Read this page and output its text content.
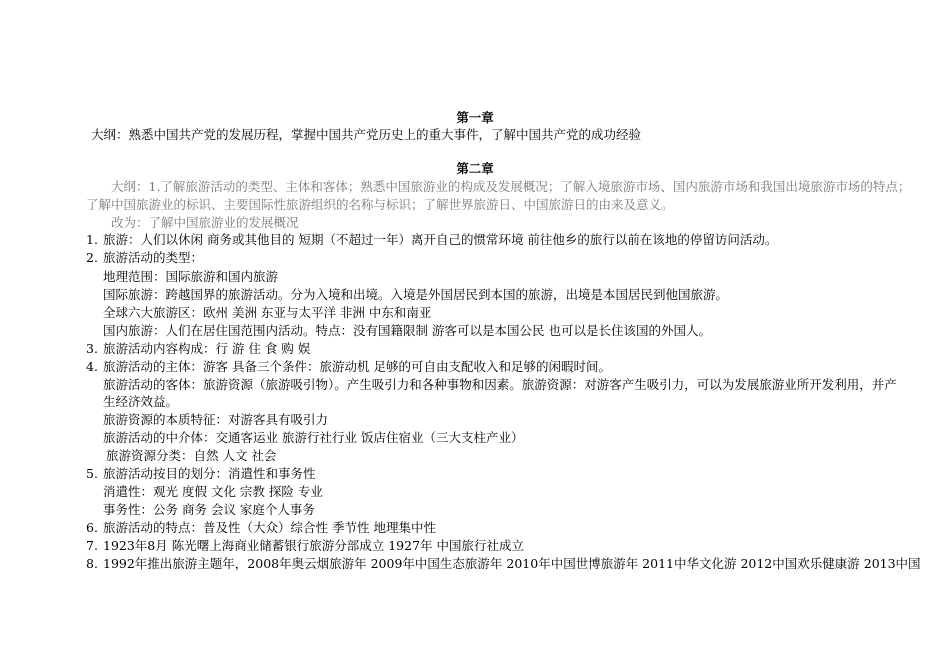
第一章
大纲：熟悉中国共产党的发展历程，掌握中国共产党历史上的重大事件，了解中国共产党的成功经验
第二章
大纲：1.了解旅游活动的类型、主体和客体；熟悉中国旅游业的构成及发展概况；了解入境旅游市场、国内旅游市场和我国出境旅游市场的特点；
了解中国旅游业的标识、主要国际性旅游组织的名称与标识；了解世界旅游日、中国旅游日的由来及意义。
改为：了解中国旅游业的发展概况
1. 旅游：人们以休闲 商务或其他目的 短期（不超过一年）离开自己的惯常环境 前往他乡的旅行以前在该地的停留访问活动。
2. 旅游活动的类型：
地理范围：国际旅游和国内旅游
国际旅游：跨越国界的旅游活动。分为入境和出境。入境是外国居民到本国的旅游，出境是本国居民到他国旅游。
全球六大旅游区：欧州 美洲 东亚与太平洋 非洲 中东和南亚
国内旅游：人们在居住国范围内活动。特点：没有国籍限制 游客可以是本国公民 也可以是长住该国的外国人。
3. 旅游活动内容构成：行 游 住 食 购 娱
4. 旅游活动的主体：游客 具备三个条件：旅游动机 足够的可自由支配收入和足够的闲暇时间。
旅游活动的客体：旅游资源（旅游吸引物）。产生吸引力和各种事物和因素。旅游资源：对游客产生吸引力，可以为发展旅游业所开发利用，并产
生经济效益。
旅游资源的本质特征：对游客具有吸引力
旅游活动的中介体：交通客运业 旅游行社行业 饭店住宿业（三大支柱产业）
旅游资源分类：自然 人文 社会
5. 旅游活动按目的划分：消遣性和事务性
消遣性：观光 度假 文化 宗教 探险 专业
事务性：公务 商务 会议 家庭个人事务
6. 旅游活动的特点：普及性（大众）综合性 季节性 地理集中性
7. 1923年8月 陈光曙上海商业储蓄银行旅游分部成立 1927年 中国旅行社成立
8. 1992年推出旅游主题年，2008年奥云烟旅游年 2009年中国生态旅游年 2010年中国世博旅游年 2011中华文化游 2012中国欢乐健康游 2013中国
